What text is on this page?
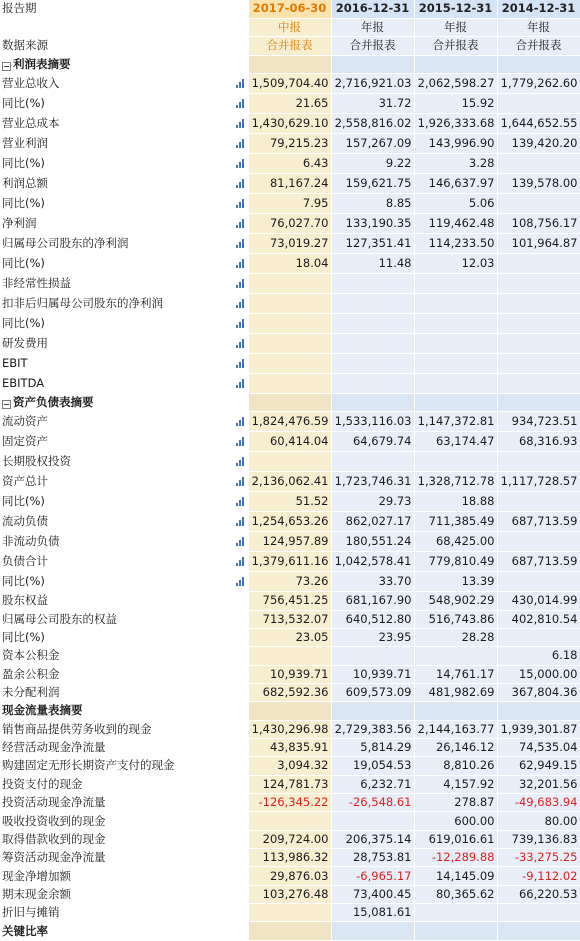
报告期		2017-06-30	2016-12-31	2015-12-31	2014-12-31
		中报	年报	年报	年报
数据来源		合并报表	合并报表	合并报表	合并报表
− 利润表摘要					
营业总收入		1,509,704.40	2,716,921.03	2,062,598.27	1,779,262.60
同比(%)		21.65	31.72	15.92	
营业总成本		1,430,629.10	2,558,816.02	1,926,333.68	1,644,652.55
营业利润		79,215.23	157,267.09	143,996.90	139,420.20
同比(%)		6.43	9.22	3.28	
利润总额		81,167.24	159,621.75	146,637.97	139,578.00
同比(%)		7.95	8.85	5.06	
净利润		76,027.70	133,190.35	119,462.48	108,756.17
归属母公司股东的净利润		73,019.27	127,351.41	114,233.50	101,964.87
同比(%)		18.04	11.48	12.03	
非经常性损益					
扣非后归属母公司股东的净利润					
同比(%)					
研发费用					
EBIT					
EBITDA					
− 资产负债表摘要					
流动资产		1,824,476.59	1,533,116.03	1,147,372.81	934,723.51
固定资产		60,414.04	64,679.74	63,174.47	68,316.93
长期股权投资					
资产总计		2,136,062.41	1,723,746.31	1,328,712.78	1,117,728.57
同比(%)		51.52	29.73	18.88	
流动负债		1,254,653.26	862,027.17	711,385.49	687,713.59
非流动负债		124,957.89	180,551.24	68,425.00	
负债合计		1,379,611.16	1,042,578.41	779,810.49	687,713.59
同比(%)		73.26	33.70	13.39	
股东权益		756,451.25	681,167.90	548,902.29	430,014.99
归属母公司股东的权益		713,532.07	640,512.80	516,743.86	402,810.54
同比(%)		23.05	23.95	28.28	
资本公积金					6.18
盈余公积金		10,939.71	10,939.71	14,761.17	15,000.00
未分配利润		682,592.36	609,573.09	481,982.69	367,804.36
现金流量表摘要					
销售商品提供劳务收到的现金		1,430,296.98	2,729,383.56	2,144,163.77	1,939,301.87
经营活动现金净流量		43,835.91	5,814.29	26,146.12	74,535.04
购建固定无形长期资产支付的现金		3,094.32	19,054.53	8,810.26	62,949.15
投资支付的现金		124,781.73	6,232.71	4,157.92	32,201.56
投资活动现金净流量		-126,345.22	-26,548.61	278.87	-49,683.94
吸收投资收到的现金				600.00	80.00
取得借款收到的现金		209,724.00	206,375.14	619,016.61	739,136.83
筹资活动现金净流量		113,986.32	28,753.81	-12,289.88	-33,275.25
现金净增加额		29,876.03	-6,965.17	14,145.09	-9,112.02
期末现金余额		103,276.48	73,400.45	80,365.62	66,220.53
折旧与摊销			15,081.61		
关键比率					
